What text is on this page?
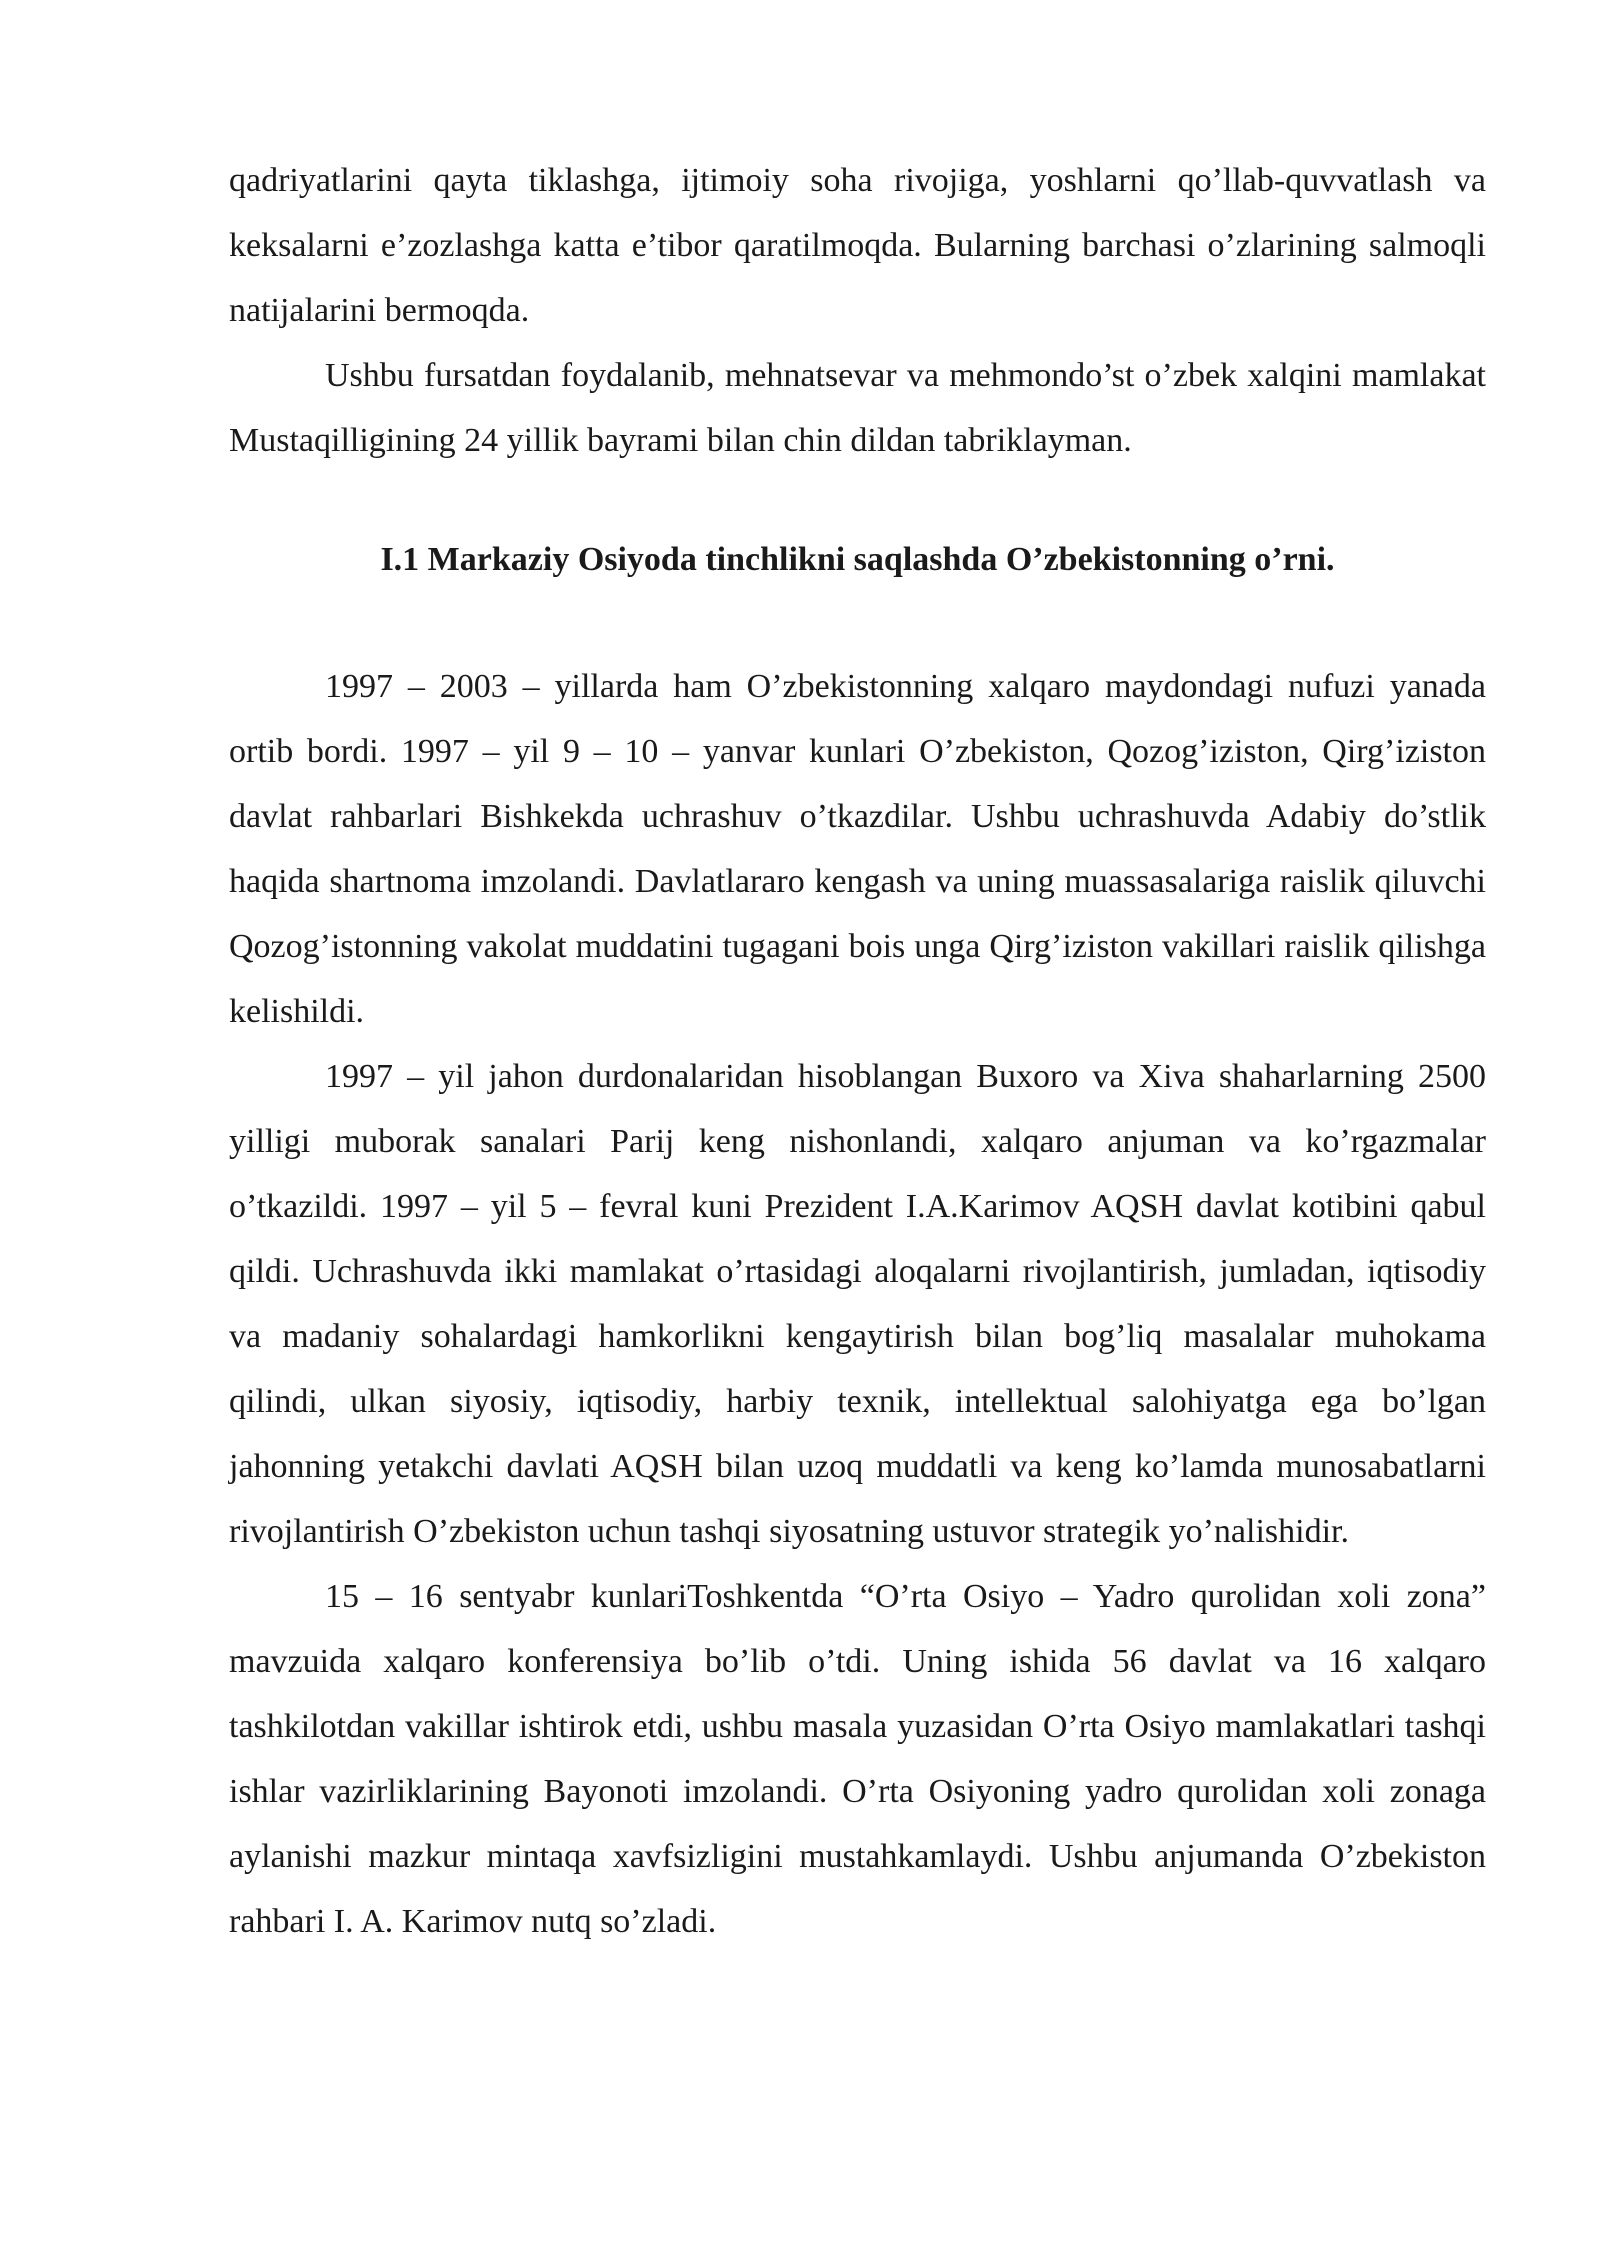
qadriyatlarini qayta tiklashga, ijtimoiy soha rivojiga, yoshlarni qo’llab-quvvatlash va keksalarni e’zozlashga katta e’tibor qaratilmoqda. Bularning barchasi o’zlarining salmoqli natijalarini bermoqda.

Ushbu fursatdan foydalanib, mehnatsevar va mehmondo’st o’zbek xalqini mamlakat Mustaqilligining 24 yillik bayrami bilan chin dildan tabriklayman.

I.1 Markaziy Osiyoda tinchlikni saqlashda O’zbekistonning o’rni.

1997 – 2003 – yillarda ham O’zbekistonning xalqaro maydondagi nufuzi yanada ortib bordi. 1997 – yil 9 – 10 – yanvar kunlari O’zbekiston, Qozog’iziston, Qirg’iziston davlat rahbarlari Bishkekda uchrashuv o’tkazdilar. Ushbu uchrashuvda Adabiy do’stlik haqida shartnoma imzolandi. Davlatlararo kengash va uning muassasalariga raislik qiluvchi Qozog’istonning vakolat muddatini tugagani bois unga Qirg’iziston vakillari raislik qilishga kelishildi.

1997 – yil jahon durdonalaridan hisoblangan Buxoro va Xiva shaharlarning 2500 yilligi muborak sanalari Parij keng nishonlandi, xalqaro anjuman va ko’rgazmalar o’tkazildi. 1997 – yil 5 – fevral kuni Prezident I.A.Karimov AQSH davlat kotibini qabul qildi. Uchrashuvda ikki mamlakat o’rtasidagi aloqalarni rivojlantirish, jumladan, iqtisodiy va madaniy sohalardagi hamkorlikni kengaytirish bilan bog’liq masalalar muhokama qilindi, ulkan siyosiy, iqtisodiy, harbiy texnik, intellektual salohiyatga ega bo’lgan jahonning yetakchi davlati AQSH bilan uzoq muddatli va keng ko’lamda munosabatlarni rivojlantirish O’zbekiston uchun tashqi siyosatning ustuvor strategik yo’nalishidir.

15 – 16 sentyabr kunlariToshkentda “O’rta Osiyo – Yadro qurolidan xoli zona” mavzuida xalqaro konferensiya bo’lib o’tdi. Uning ishida 56 davlat va 16 xalqaro tashkilotdan vakillar ishtirok etdi, ushbu masala yuzasidan O’rta Osiyo mamlakatlari tashqi ishlar vazirliklarining Bayonoti imzolandi. O’rta Osiyoning yadro qurolidan xoli zonaga aylanishi mazkur mintaqa xavfsizligini mustahkamlaydi. Ushbu anjumanda O’zbekiston rahbari I. A. Karimov nutq so’zladi.
